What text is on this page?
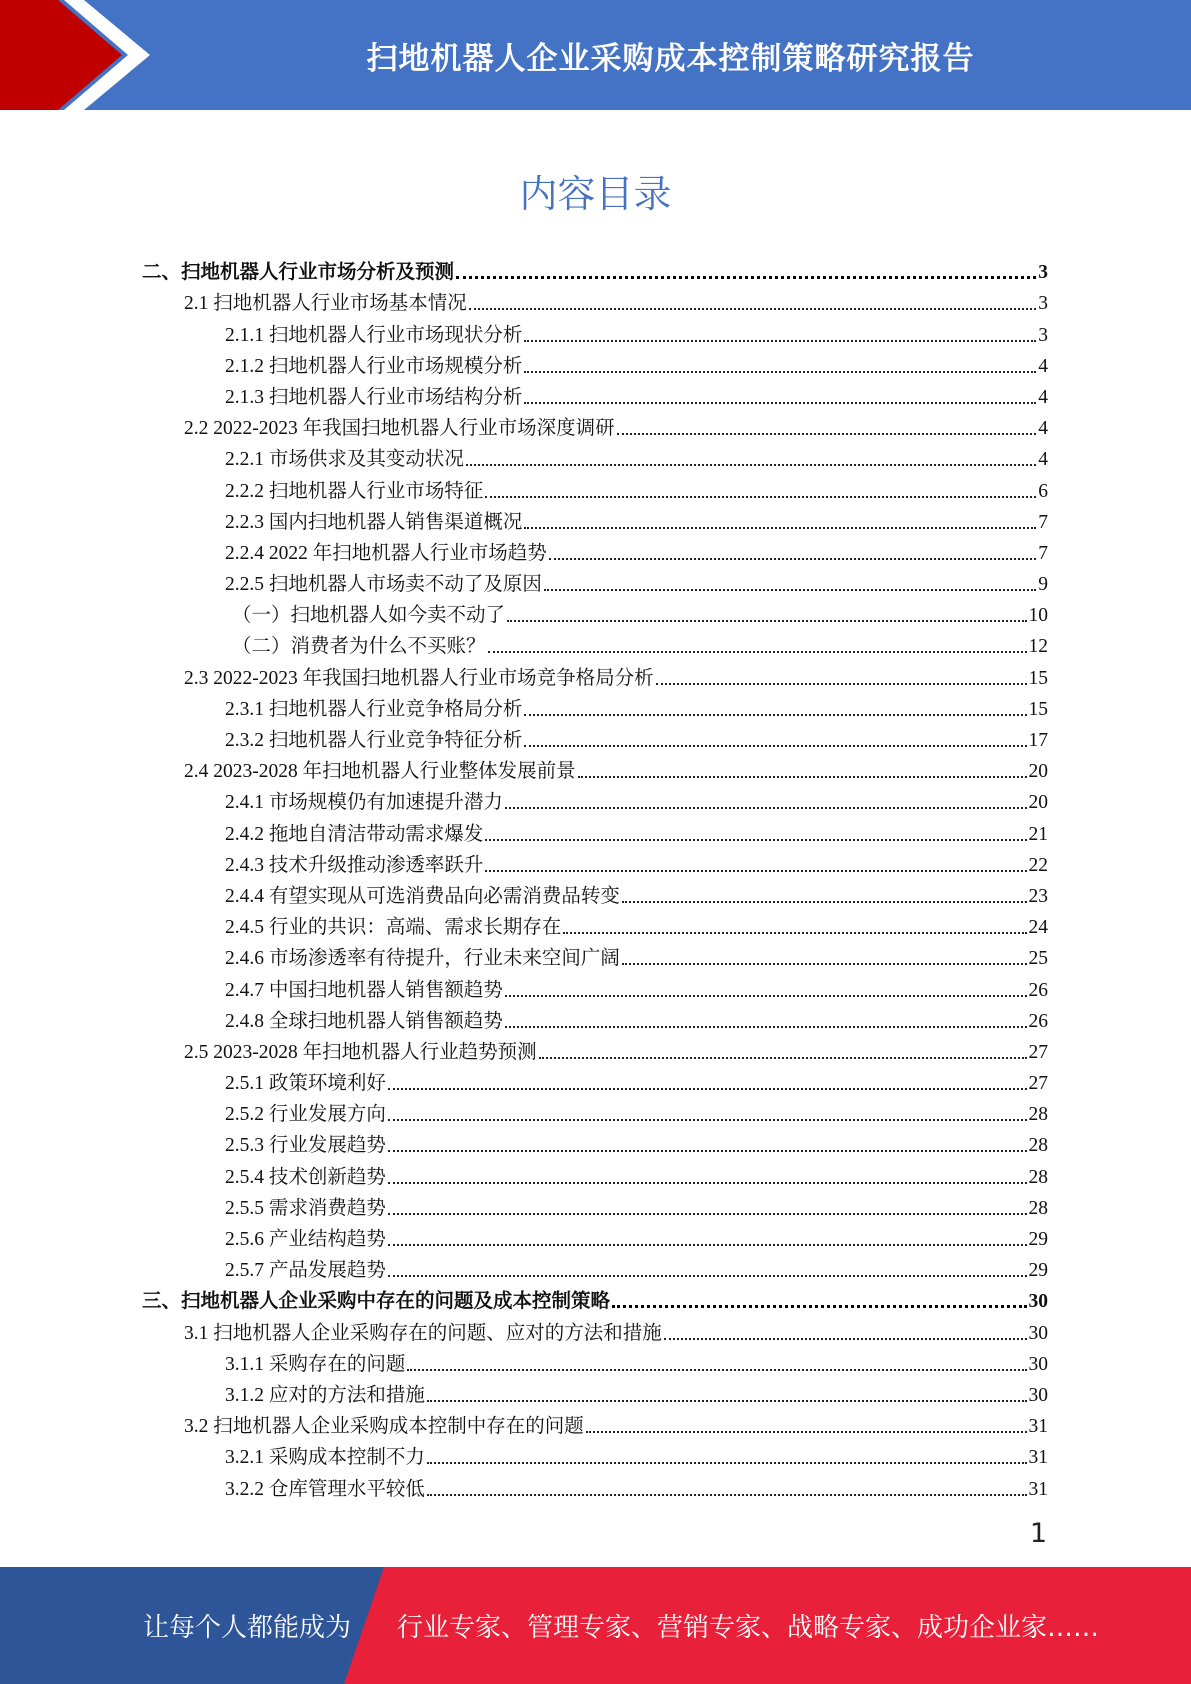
扫地机器人企业采购成本控制策略研究报告
内容目录
二、扫地机器人行业市场分析及预测	3
2.1 扫地机器人行业市场基本情况	3
2.1.1 扫地机器人行业市场现状分析	3
2.1.2 扫地机器人行业市场规模分析	4
2.1.3 扫地机器人行业市场结构分析	4
2.2 2022-2023 年我国扫地机器人行业市场深度调研	4
2.2.1 市场供求及其变动状况	4
2.2.2 扫地机器人行业市场特征	6
2.2.3 国内扫地机器人销售渠道概况	7
2.2.4 2022 年扫地机器人行业市场趋势	7
2.2.5 扫地机器人市场卖不动了及原因	9
（一）扫地机器人如今卖不动了	10
（二）消费者为什么不买账？	12
2.3 2022-2023 年我国扫地机器人行业市场竞争格局分析	15
2.3.1 扫地机器人行业竞争格局分析	15
2.3.2 扫地机器人行业竞争特征分析	17
2.4 2023-2028 年扫地机器人行业整体发展前景	20
2.4.1 市场规模仍有加速提升潜力	20
2.4.2 拖地自清洁带动需求爆发	21
2.4.3 技术升级推动渗透率跃升	22
2.4.4 有望实现从可选消费品向必需消费品转变	23
2.4.5 行业的共识：高端、需求长期存在	24
2.4.6 市场渗透率有待提升，行业未来空间广阔	25
2.4.7 中国扫地机器人销售额趋势	26
2.4.8 全球扫地机器人销售额趋势	26
2.5 2023-2028 年扫地机器人行业趋势预测	27
2.5.1 政策环境利好	27
2.5.2 行业发展方向	28
2.5.3 行业发展趋势	28
2.5.4 技术创新趋势	28
2.5.5 需求消费趋势	28
2.5.6 产业结构趋势	29
2.5.7 产品发展趋势	29
三、扫地机器人企业采购中存在的问题及成本控制策略	30
3.1 扫地机器人企业采购存在的问题、应对的方法和措施	30
3.1.1 采购存在的问题	30
3.1.2 应对的方法和措施	30
3.2 扫地机器人企业采购成本控制中存在的问题	31
3.2.1 采购成本控制不力	31
3.2.2 仓库管理水平较低	31
1
让每个人都能成为 行业专家、管理专家、营销专家、战略专家、成功企业家……
